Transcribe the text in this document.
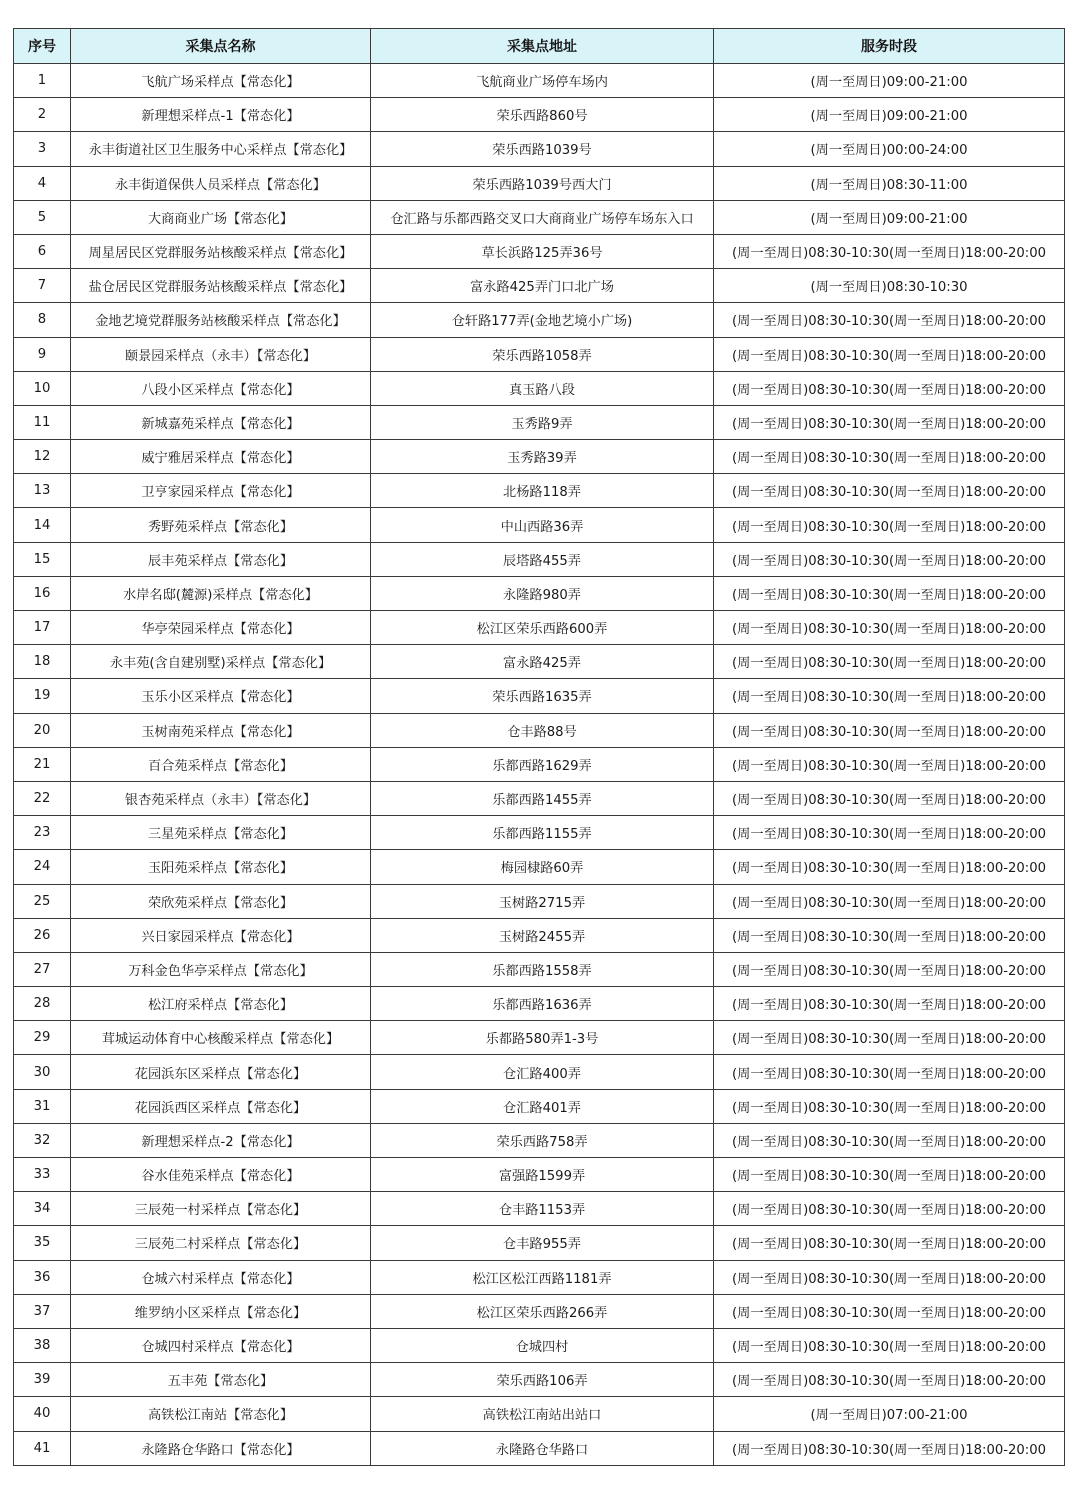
序号	采集点名称	采集点地址	服务时段
1	飞航广场采样点【常态化】	飞航商业广场停车场内	(周一至周日)09:00-21:00
2	新理想采样点-1【常态化】	荣乐西路860号	(周一至周日)09:00-21:00
3	永丰街道社区卫生服务中心采样点【常态化】	荣乐西路1039号	(周一至周日)00:00-24:00
4	永丰街道保供人员采样点【常态化】	荣乐西路1039号西大门	(周一至周日)08:30-11:00
5	大商商业广场【常态化】	仓汇路与乐都西路交叉口大商商业广场停车场东入口	(周一至周日)09:00-21:00
6	周星居民区党群服务站核酸采样点【常态化】	草长浜路125弄36号	(周一至周日)08:30-10:30(周一至周日)18:00-20:00
7	盐仓居民区党群服务站核酸采样点【常态化】	富永路425弄门口北广场	(周一至周日)08:30-10:30
8	金地艺境党群服务站核酸采样点【常态化】	仓轩路177弄(金地艺境小广场)	(周一至周日)08:30-10:30(周一至周日)18:00-20:00
9	颐景园采样点（永丰）【常态化】	荣乐西路1058弄	(周一至周日)08:30-10:30(周一至周日)18:00-20:00
10	八段小区采样点【常态化】	真玉路八段	(周一至周日)08:30-10:30(周一至周日)18:00-20:00
11	新城嘉苑采样点【常态化】	玉秀路9弄	(周一至周日)08:30-10:30(周一至周日)18:00-20:00
12	威宁雅居采样点【常态化】	玉秀路39弄	(周一至周日)08:30-10:30(周一至周日)18:00-20:00
13	卫亨家园采样点【常态化】	北杨路118弄	(周一至周日)08:30-10:30(周一至周日)18:00-20:00
14	秀野苑采样点【常态化】	中山西路36弄	(周一至周日)08:30-10:30(周一至周日)18:00-20:00
15	辰丰苑采样点【常态化】	辰塔路455弄	(周一至周日)08:30-10:30(周一至周日)18:00-20:00
16	水岸名邸(麓源)采样点【常态化】	永隆路980弄	(周一至周日)08:30-10:30(周一至周日)18:00-20:00
17	华亭荣园采样点【常态化】	松江区荣乐西路600弄	(周一至周日)08:30-10:30(周一至周日)18:00-20:00
18	永丰苑(含自建别墅)采样点【常态化】	富永路425弄	(周一至周日)08:30-10:30(周一至周日)18:00-20:00
19	玉乐小区采样点【常态化】	荣乐西路1635弄	(周一至周日)08:30-10:30(周一至周日)18:00-20:00
20	玉树南苑采样点【常态化】	仓丰路88号	(周一至周日)08:30-10:30(周一至周日)18:00-20:00
21	百合苑采样点【常态化】	乐都西路1629弄	(周一至周日)08:30-10:30(周一至周日)18:00-20:00
22	银杏苑采样点（永丰）【常态化】	乐都西路1455弄	(周一至周日)08:30-10:30(周一至周日)18:00-20:00
23	三星苑采样点【常态化】	乐都西路1155弄	(周一至周日)08:30-10:30(周一至周日)18:00-20:00
24	玉阳苑采样点【常态化】	梅园棣路60弄	(周一至周日)08:30-10:30(周一至周日)18:00-20:00
25	荣欣苑采样点【常态化】	玉树路2715弄	(周一至周日)08:30-10:30(周一至周日)18:00-20:00
26	兴日家园采样点【常态化】	玉树路2455弄	(周一至周日)08:30-10:30(周一至周日)18:00-20:00
27	万科金色华亭采样点【常态化】	乐都西路1558弄	(周一至周日)08:30-10:30(周一至周日)18:00-20:00
28	松江府采样点【常态化】	乐都西路1636弄	(周一至周日)08:30-10:30(周一至周日)18:00-20:00
29	茸城运动体育中心核酸采样点【常态化】	乐都路580弄1-3号	(周一至周日)08:30-10:30(周一至周日)18:00-20:00
30	花园浜东区采样点【常态化】	仓汇路400弄	(周一至周日)08:30-10:30(周一至周日)18:00-20:00
31	花园浜西区采样点【常态化】	仓汇路401弄	(周一至周日)08:30-10:30(周一至周日)18:00-20:00
32	新理想采样点-2【常态化】	荣乐西路758弄	(周一至周日)08:30-10:30(周一至周日)18:00-20:00
33	谷水佳苑采样点【常态化】	富强路1599弄	(周一至周日)08:30-10:30(周一至周日)18:00-20:00
34	三辰苑一村采样点【常态化】	仓丰路1153弄	(周一至周日)08:30-10:30(周一至周日)18:00-20:00
35	三辰苑二村采样点【常态化】	仓丰路955弄	(周一至周日)08:30-10:30(周一至周日)18:00-20:00
36	仓城六村采样点【常态化】	松江区松江西路1181弄	(周一至周日)08:30-10:30(周一至周日)18:00-20:00
37	维罗纳小区采样点【常态化】	松江区荣乐西路266弄	(周一至周日)08:30-10:30(周一至周日)18:00-20:00
38	仓城四村采样点【常态化】	仓城四村	(周一至周日)08:30-10:30(周一至周日)18:00-20:00
39	五丰苑【常态化】	荣乐西路106弄	(周一至周日)08:30-10:30(周一至周日)18:00-20:00
40	高铁松江南站【常态化】	高铁松江南站出站口	(周一至周日)07:00-21:00
41	永隆路仓华路口【常态化】	永隆路仓华路口	(周一至周日)08:30-10:30(周一至周日)18:00-20:00
